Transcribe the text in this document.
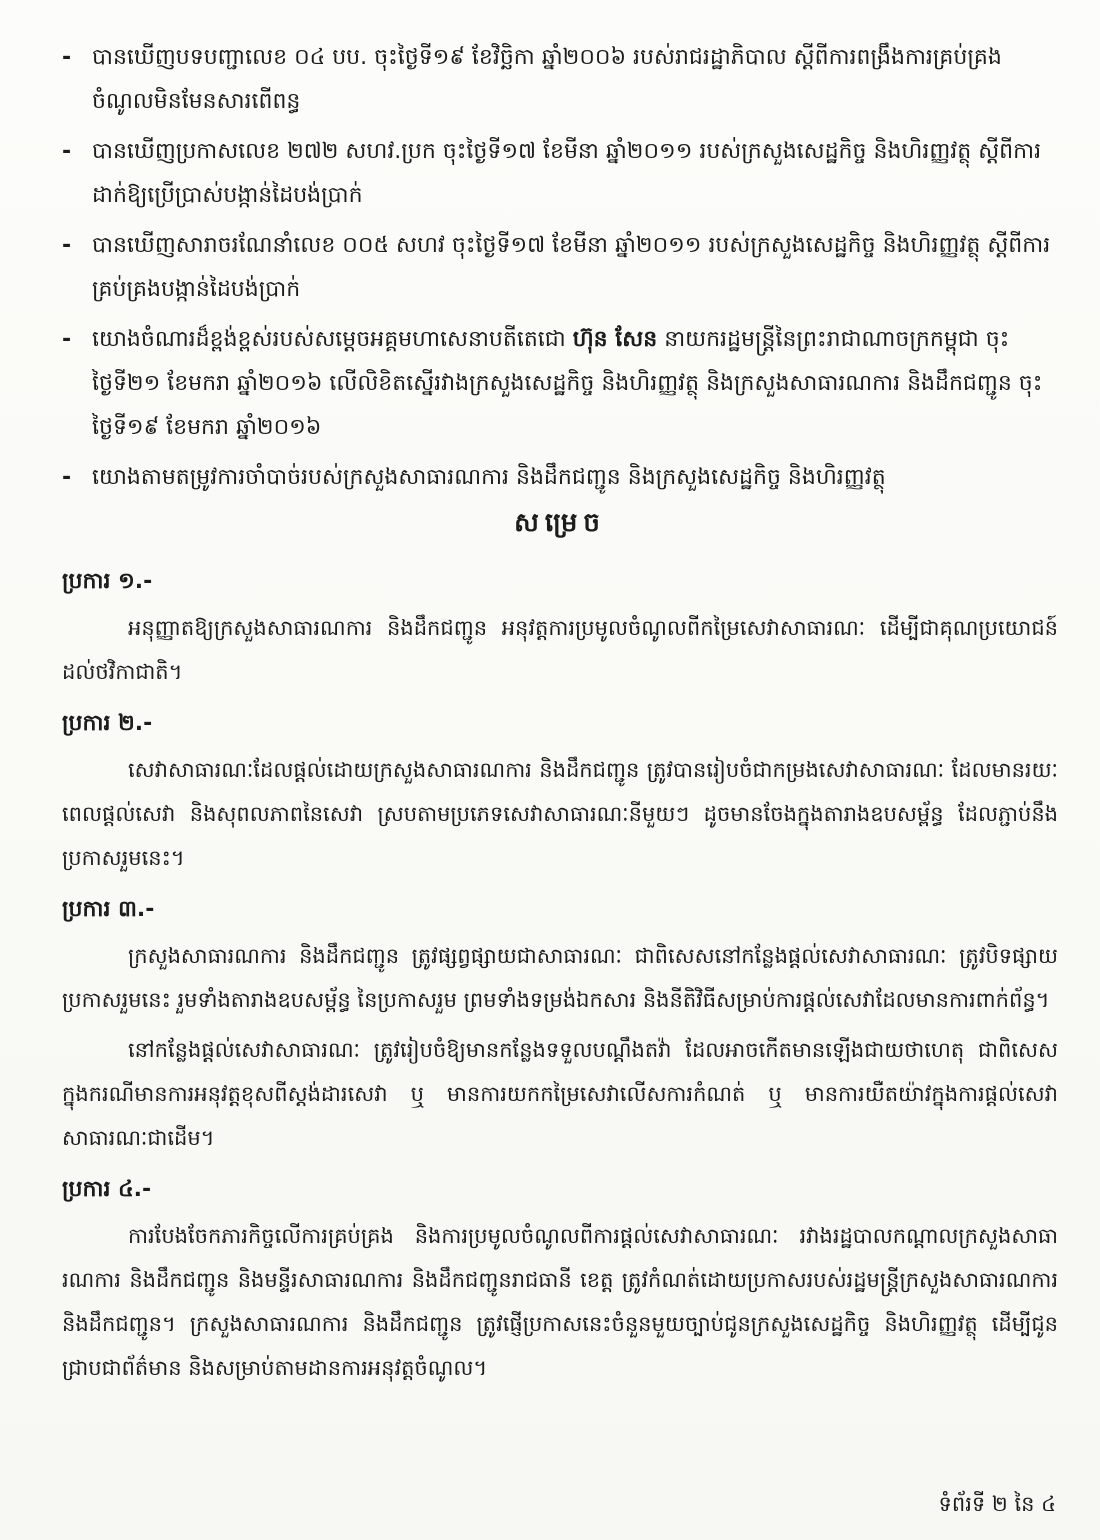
- បានឃើញបទបញ្ជាលេខ ០៤ បប. ចុះថ្ងៃទី១៩ ខែវិច្ឆិកា ឆ្នាំ២០០៦ របស់រាជរដ្ឋាភិបាល ស្តីពីការពង្រឹងការគ្រប់គ្រងចំណូលមិនមែនសារពើពន្ធ
- បានឃើញប្រកាសលេខ ២៧២ សហវ.ប្រក ចុះថ្ងៃទី១៧ ខែមីនា ឆ្នាំ២០១១ របស់ក្រសួងសេដ្ឋកិច្ច និងហិរញ្ញវត្ថុ ស្តីពីការដាក់ឱ្យប្រើប្រាស់បង្កាន់ដៃបង់ប្រាក់
- បានឃើញសារាចរណែនាំលេខ ០០៥ សហវ ចុះថ្ងៃទី១៧ ខែមីនា ឆ្នាំ២០១១ របស់ក្រសួងសេដ្ឋកិច្ច និងហិរញ្ញវត្ថុ ស្តីពីការគ្រប់គ្រងបង្កាន់ដៃបង់ប្រាក់
- យោងចំណារដ៏ខ្ពង់ខ្ពស់របស់សម្តេចអគ្គមហាសេនាបតីតេជោ ហ៊ុន សែន នាយករដ្ឋមន្ត្រីនៃព្រះរាជាណាចក្រកម្ពុជា ចុះថ្ងៃទី២១ ខែមករា ឆ្នាំ២០១៦ លើលិខិតស្នើរវាងក្រសួងសេដ្ឋកិច្ច និងហិរញ្ញវត្ថុ និងក្រសួងសាធារណការ និងដឹកជញ្ជូន ចុះថ្ងៃទី១៩ ខែមករា ឆ្នាំ២០១៦
- យោងតាមតម្រូវការចាំបាច់របស់ក្រសួងសាធារណការ និងដឹកជញ្ជូន និងក្រសួងសេដ្ឋកិច្ច និងហិរញ្ញវត្ថុ
សម្រេច
ប្រការ ១.-

អនុញ្ញាតឱ្យក្រសួងសាធារណការ និងដឹកជញ្ជូន អនុវត្តការប្រមូលចំណូលពីកម្រៃសេវាសាធារណៈ ដើម្បីជាគុណប្រយោជន៍ដល់ថវិកាជាតិ។

ប្រការ ២.-

សេវាសាធារណៈដែលផ្តល់ដោយក្រសួងសាធារណការ និងដឹកជញ្ជូន ត្រូវបានរៀបចំជាកម្រងសេវាសាធារណៈ ដែលមានរយៈពេលផ្តល់សេវា និងសុពលភាពនៃសេវា ស្របតាមប្រភេទសេវាសាធារណៈនីមួយៗ ដូចមានចែងក្នុងតារាងឧបសម្ព័ន្ធ ដែលភ្ជាប់នឹងប្រកាសរួមនេះ។

ប្រការ ៣.-

ក្រសួងសាធារណការ និងដឹកជញ្ជូន ត្រូវផ្សព្វផ្សាយជាសាធារណៈ ជាពិសេសនៅកន្លែងផ្តល់សេវាសាធារណៈ ត្រូវបិទផ្សាយប្រកាសរួមនេះ រួមទាំងតារាងឧបសម្ព័ន្ធ នៃប្រកាសរួម ព្រមទាំងទម្រង់ឯកសារ និងនីតិវិធីសម្រាប់ការផ្តល់សេវាដែលមានការពាក់ព័ន្ធ។

នៅកន្លែងផ្តល់សេវាសាធារណៈ ត្រូវរៀបចំឱ្យមានកន្លែងទទួលបណ្តឹងតវ៉ា ដែលអាចកើតមានឡើងជាយថាហេតុ ជាពិសេសក្នុងករណីមានការអនុវត្តខុសពីស្តង់ដារសេវា ឬ មានការយកកម្រៃសេវាលើសការកំណត់ ឬ មានការយឺតយ៉ាវក្នុងការផ្តល់សេវាសាធារណៈជាដើម។

ប្រការ ៤.-

ការបែងចែកភារកិច្ចលើការគ្រប់គ្រង និងការប្រមូលចំណូលពីការផ្តល់សេវាសាធារណៈ រវាងរដ្ឋបាលកណ្តាលក្រសួងសាធារណការ និងដឹកជញ្ជូន និងមន្ទីរសាធារណការ និងដឹកជញ្ជូនរាជធានី ខេត្ត ត្រូវកំណត់ដោយប្រកាសរបស់រដ្ឋមន្ត្រីក្រសួងសាធារណការ និងដឹកជញ្ជូន។ ក្រសួងសាធារណការ និងដឹកជញ្ជូន ត្រូវផ្ញើប្រកាសនេះចំនួនមួយច្បាប់ជូនក្រសួងសេដ្ឋកិច្ច និងហិរញ្ញវត្ថុ ដើម្បីជូនជ្រាបជាព័ត៌មាន និងសម្រាប់តាមដានការអនុវត្តចំណូល។

ទំព័រទី ២ នៃ ៤
